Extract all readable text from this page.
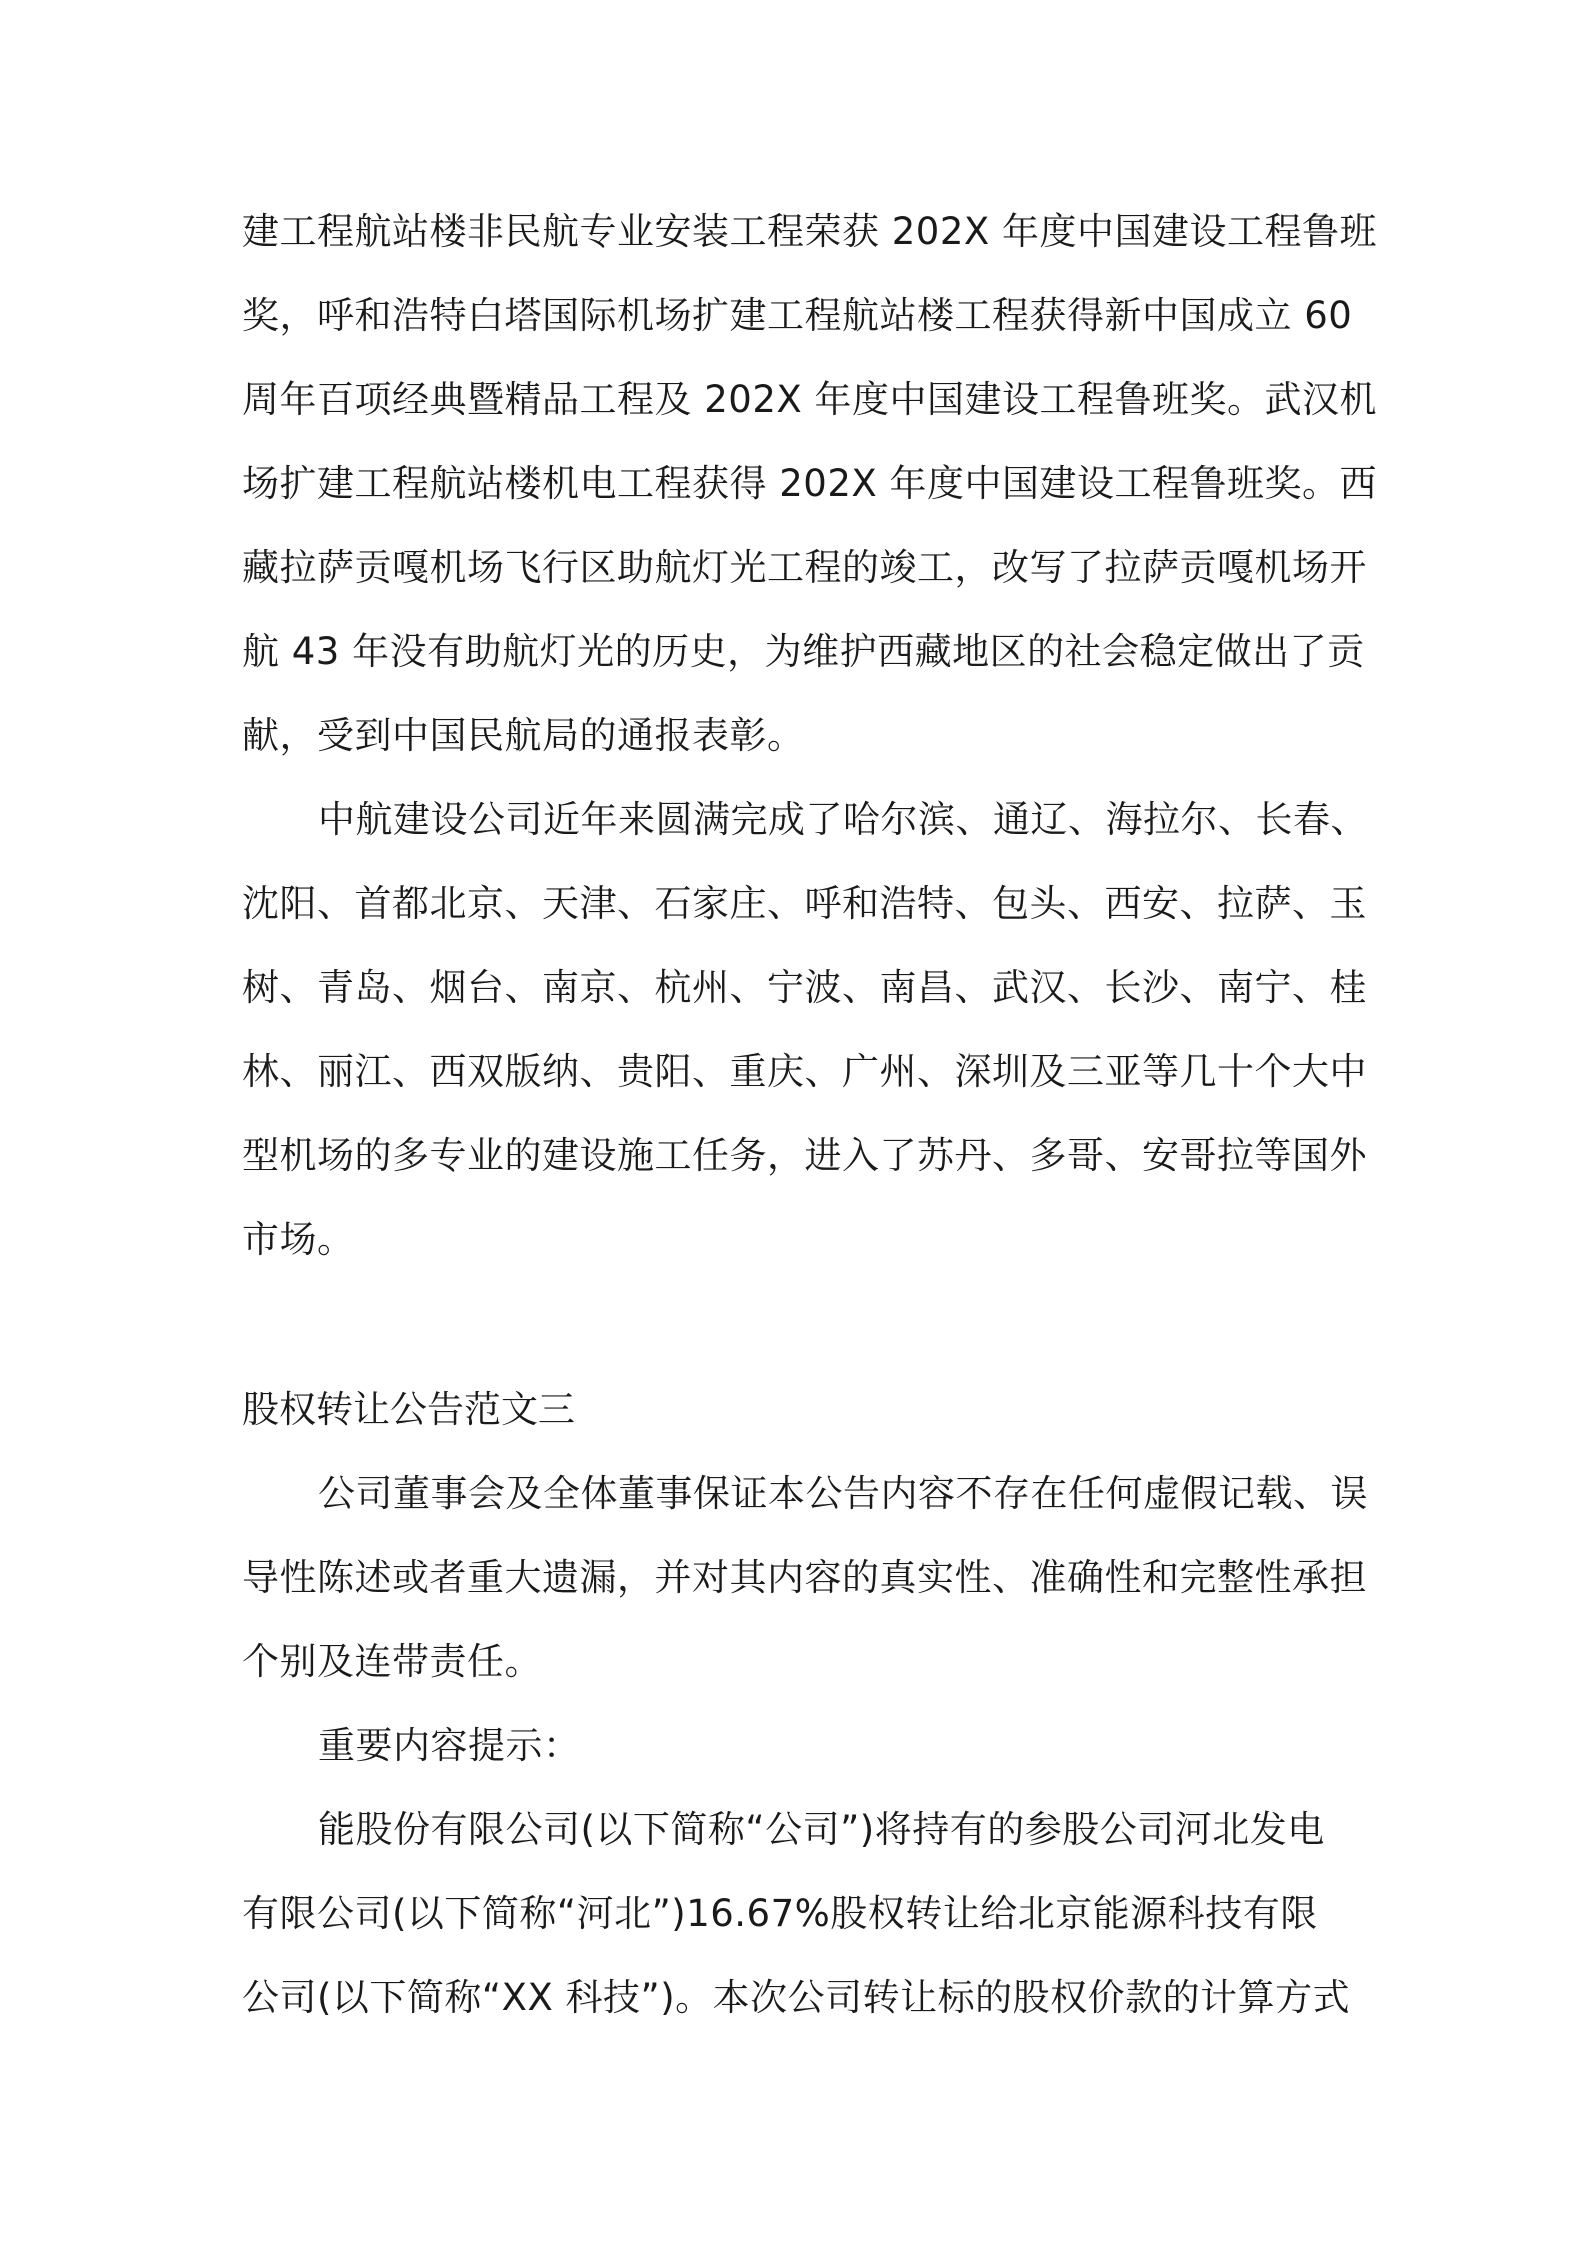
建工程航站楼非民航专业安装工程荣获 202X 年度中国建设工程鲁班
奖，呼和浩特白塔国际机场扩建工程航站楼工程获得新中国成立 60
周年百项经典暨精品工程及 202X 年度中国建设工程鲁班奖。武汉机
场扩建工程航站楼机电工程获得 202X 年度中国建设工程鲁班奖。西
藏拉萨贡嘎机场飞行区助航灯光工程的竣工，改写了拉萨贡嘎机场开
航 43 年没有助航灯光的历史，为维护西藏地区的社会稳定做出了贡
献，受到中国民航局的通报表彰。
中航建设公司近年来圆满完成了哈尔滨、通辽、海拉尔、长春、
沈阳、首都北京、天津、石家庄、呼和浩特、包头、西安、拉萨、玉
树、青岛、烟台、南京、杭州、宁波、南昌、武汉、长沙、南宁、桂
林、丽江、西双版纳、贵阳、重庆、广州、深圳及三亚等几十个大中
型机场的多专业的建设施工任务，进入了苏丹、多哥、安哥拉等国外
市场。
股权转让公告范文三
公司董事会及全体董事保证本公告内容不存在任何虚假记载、误
导性陈述或者重大遗漏，并对其内容的真实性、准确性和完整性承担
个别及连带责任。
重要内容提示：
能股份有限公司(以下简称“公司”)将持有的参股公司河北发电
有限公司(以下简称“河北”)16.67%股权转让给北京能源科技有限
公司(以下简称“XX 科技”)。本次公司转让标的股权价款的计算方式
